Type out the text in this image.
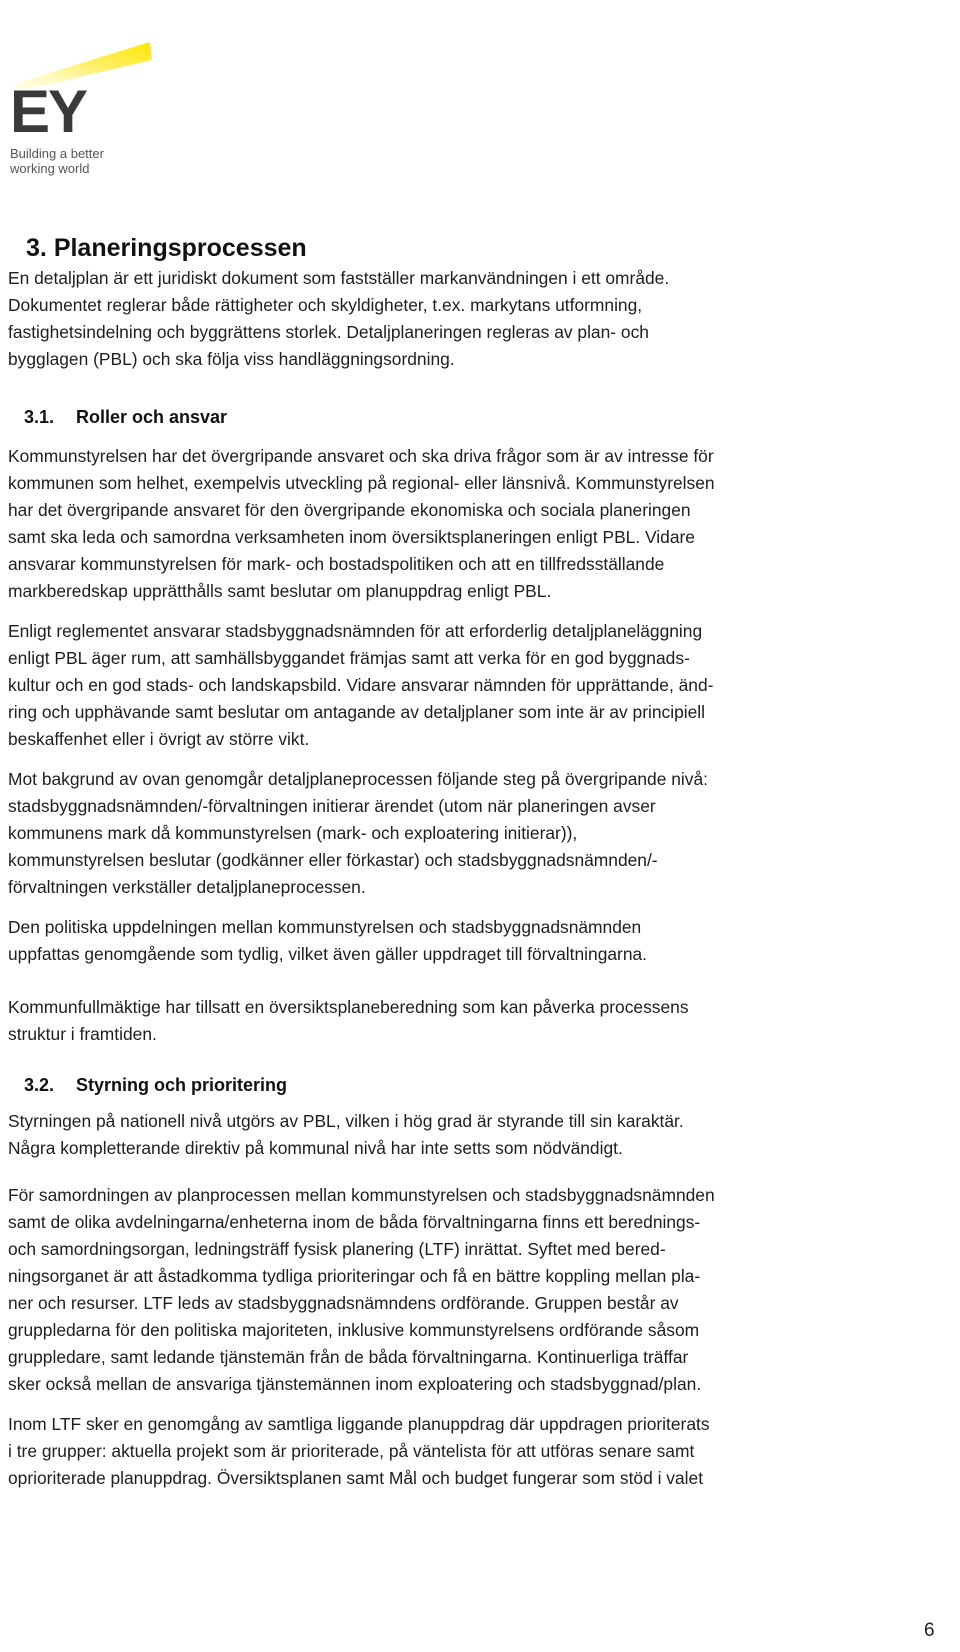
EY
Building a better
working world
3. Planeringsprocessen

En detaljplan är ett juridiskt dokument som fastställer markanvändningen i ett område.
Dokumentet reglerar både rättigheter och skyldigheter, t.ex. markytans utformning,
fastighetsindelning och byggrättens storlek. Detaljplaneringen regleras av plan- och
bygglagen (PBL) och ska följa viss handläggningsordning.

3.1. Roller och ansvar

Kommunstyrelsen har det övergripande ansvaret och ska driva frågor som är av intresse för
kommunen som helhet, exempelvis utveckling på regional- eller länsnivå. Kommunstyrelsen
har det övergripande ansvaret för den övergripande ekonomiska och sociala planeringen
samt ska leda och samordna verksamheten inom översiktsplaneringen enligt PBL. Vidare
ansvarar kommunstyrelsen för mark- och bostadspolitiken och att en tillfredsställande
markberedskap upprätthålls samt beslutar om planuppdrag enligt PBL.

Enligt reglementet ansvarar stadsbyggnadsnämnden för att erforderlig detaljplaneläggning
enligt PBL äger rum, att samhällsbyggandet främjas samt att verka för en god byggnads-
kultur och en god stads- och landskapsbild. Vidare ansvarar nämnden för upprättande, änd-
ring och upphävande samt beslutar om antagande av detaljplaner som inte är av principiell
beskaffenhet eller i övrigt av större vikt.

Mot bakgrund av ovan genomgår detaljplaneprocessen följande steg på övergripande nivå:
stadsbyggnadsnämnden/-förvaltningen initierar ärendet (utom när planeringen avser
kommunens mark då kommunstyrelsen (mark- och exploatering initierar)),
kommunstyrelsen beslutar (godkänner eller förkastar) och stadsbyggnadsnämnden/-
förvaltningen verkställer detaljplaneprocessen.

Den politiska uppdelningen mellan kommunstyrelsen och stadsbyggnadsnämnden
uppfattas genomgående som tydlig, vilket även gäller uppdraget till förvaltningarna.

Kommunfullmäktige har tillsatt en översiktsplaneberedning som kan påverka processens
struktur i framtiden.

3.2. Styrning och prioritering

Styrningen på nationell nivå utgörs av PBL, vilken i hög grad är styrande till sin karaktär.
Några kompletterande direktiv på kommunal nivå har inte setts som nödvändigt.

För samordningen av planprocessen mellan kommunstyrelsen och stadsbyggnadsnämnden
samt de olika avdelningarna/enheterna inom de båda förvaltningarna finns ett berednings-
och samordningsorgan, ledningsträff fysisk planering (LTF) inrättat. Syftet med bered-
ningsorganet är att åstadkomma tydliga prioriteringar och få en bättre koppling mellan pla-
ner och resurser. LTF leds av stadsbyggnadsnämndens ordförande. Gruppen består av
gruppledarna för den politiska majoriteten, inklusive kommunstyrelsens ordförande såsom
gruppledare, samt ledande tjänstemän från de båda förvaltningarna. Kontinuerliga träffar
sker också mellan de ansvariga tjänstemännen inom exploatering och stadsbyggnad/plan.

Inom LTF sker en genomgång av samtliga liggande planuppdrag där uppdragen prioriterats
i tre grupper: aktuella projekt som är prioriterade, på väntelista för att utföras senare samt
oprioriterade planuppdrag. Översiktsplanen samt Mål och budget fungerar som stöd i valet

6
